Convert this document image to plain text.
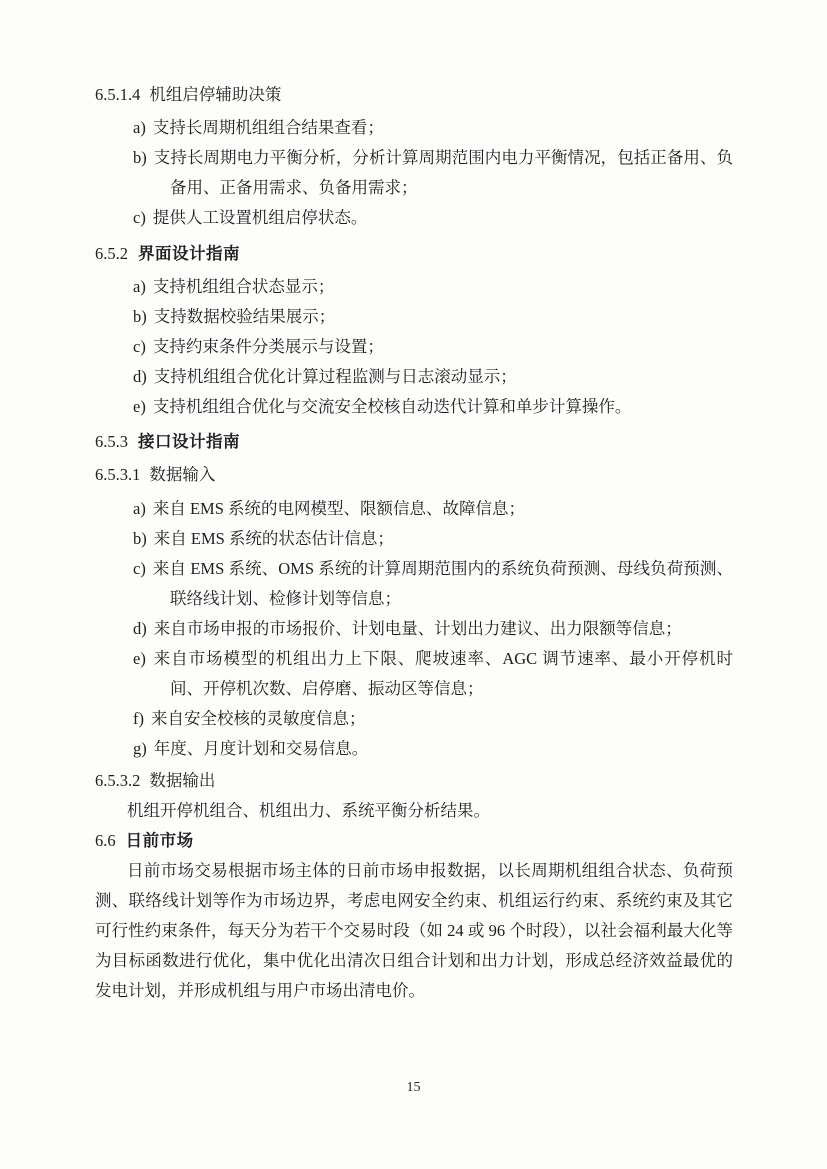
6.5.1.4 机组启停辅助决策
a) 支持长周期机组组合结果查看；
b) 支持长周期电力平衡分析，分析计算周期范围内电力平衡情况，包括正备用、负备用、正备用需求、负备用需求；
c) 提供人工设置机组启停状态。
6.5.2 界面设计指南
a) 支持机组组合状态显示；
b) 支持数据校验结果展示；
c) 支持约束条件分类展示与设置；
d) 支持机组组合优化计算过程监测与日志滚动显示；
e) 支持机组组合优化与交流安全校核自动迭代计算和单步计算操作。
6.5.3 接口设计指南
6.5.3.1 数据输入
a) 来自 EMS 系统的电网模型、限额信息、故障信息；
b) 来自 EMS 系统的状态估计信息；
c) 来自 EMS 系统、OMS 系统的计算周期范围内的系统负荷预测、母线负荷预测、联络线计划、检修计划等信息；
d) 来自市场申报的市场报价、计划电量、计划出力建议、出力限额等信息；
e) 来自市场模型的机组出力上下限、爬坡速率、AGC 调节速率、最小开停机时间、开停机次数、启停磨、振动区等信息；
f) 来自安全校核的灵敏度信息；
g) 年度、月度计划和交易信息。
6.5.3.2 数据输出

机组开停机组合、机组出力、系统平衡分析结果。

6.6 日前市场

日前市场交易根据市场主体的日前市场申报数据，以长周期机组组合状态、负荷预测、联络线计划等作为市场边界，考虑电网安全约束、机组运行约束、系统约束及其它可行性约束条件，每天分为若干个交易时段（如 24 或 96 个时段），以社会福利最大化等为目标函数进行优化，集中优化出清次日组合计划和出力计划，形成总经济效益最优的发电计划，并形成机组与用户市场出清电价。

15
